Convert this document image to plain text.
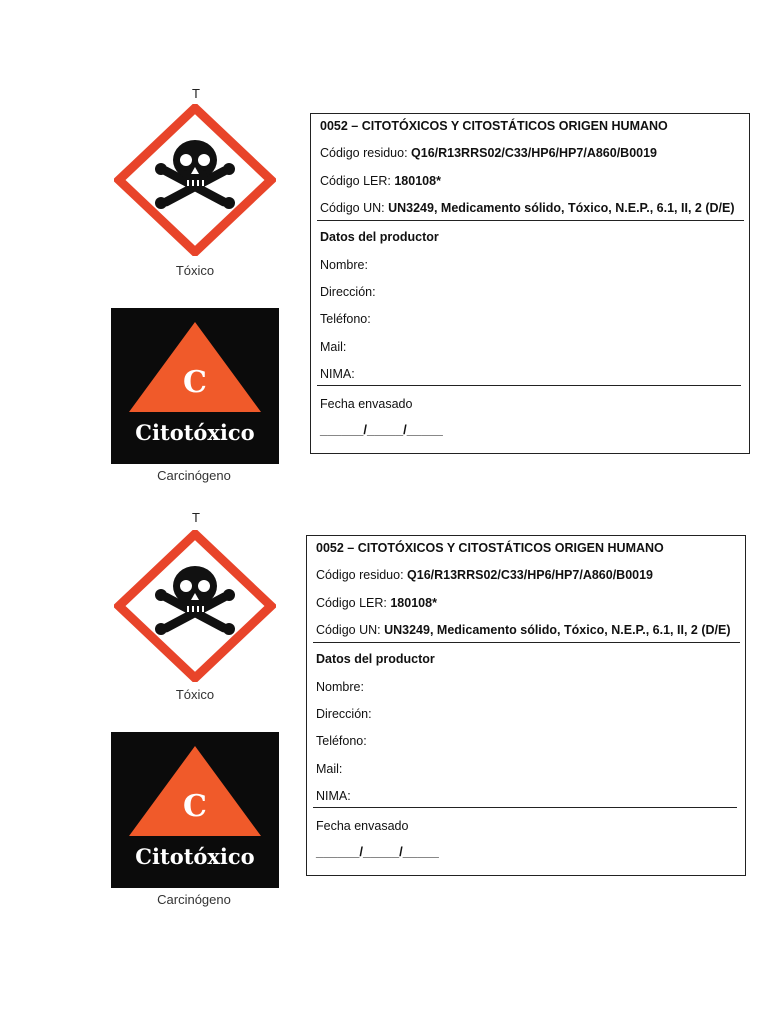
T
Tóxico
C
Citotóxico
Carcinógeno
0052 – CITOTÓXICOS Y CITOSTÁTICOS ORIGEN HUMANO
Código residuo: Q16/R13RRS02/C33/HP6/HP7/A860/B0019
Código LER: 180108*
Código UN: UN3249, Medicamento sólido, Tóxico, N.E.P., 6.1, II, 2 (D/E)
Datos del productor
Nombre:
Dirección:
Teléfono:
Mail:
NIMA:
Fecha envasado
______/_____/_____
T
Tóxico
C
Citotóxico
Carcinógeno
0052 – CITOTÓXICOS Y CITOSTÁTICOS ORIGEN HUMANO
Código residuo: Q16/R13RRS02/C33/HP6/HP7/A860/B0019
Código LER: 180108*
Código UN: UN3249, Medicamento sólido, Tóxico, N.E.P., 6.1, II, 2 (D/E)
Datos del productor
Nombre:
Dirección:
Teléfono:
Mail:
NIMA:
Fecha envasado
______/_____/_____
